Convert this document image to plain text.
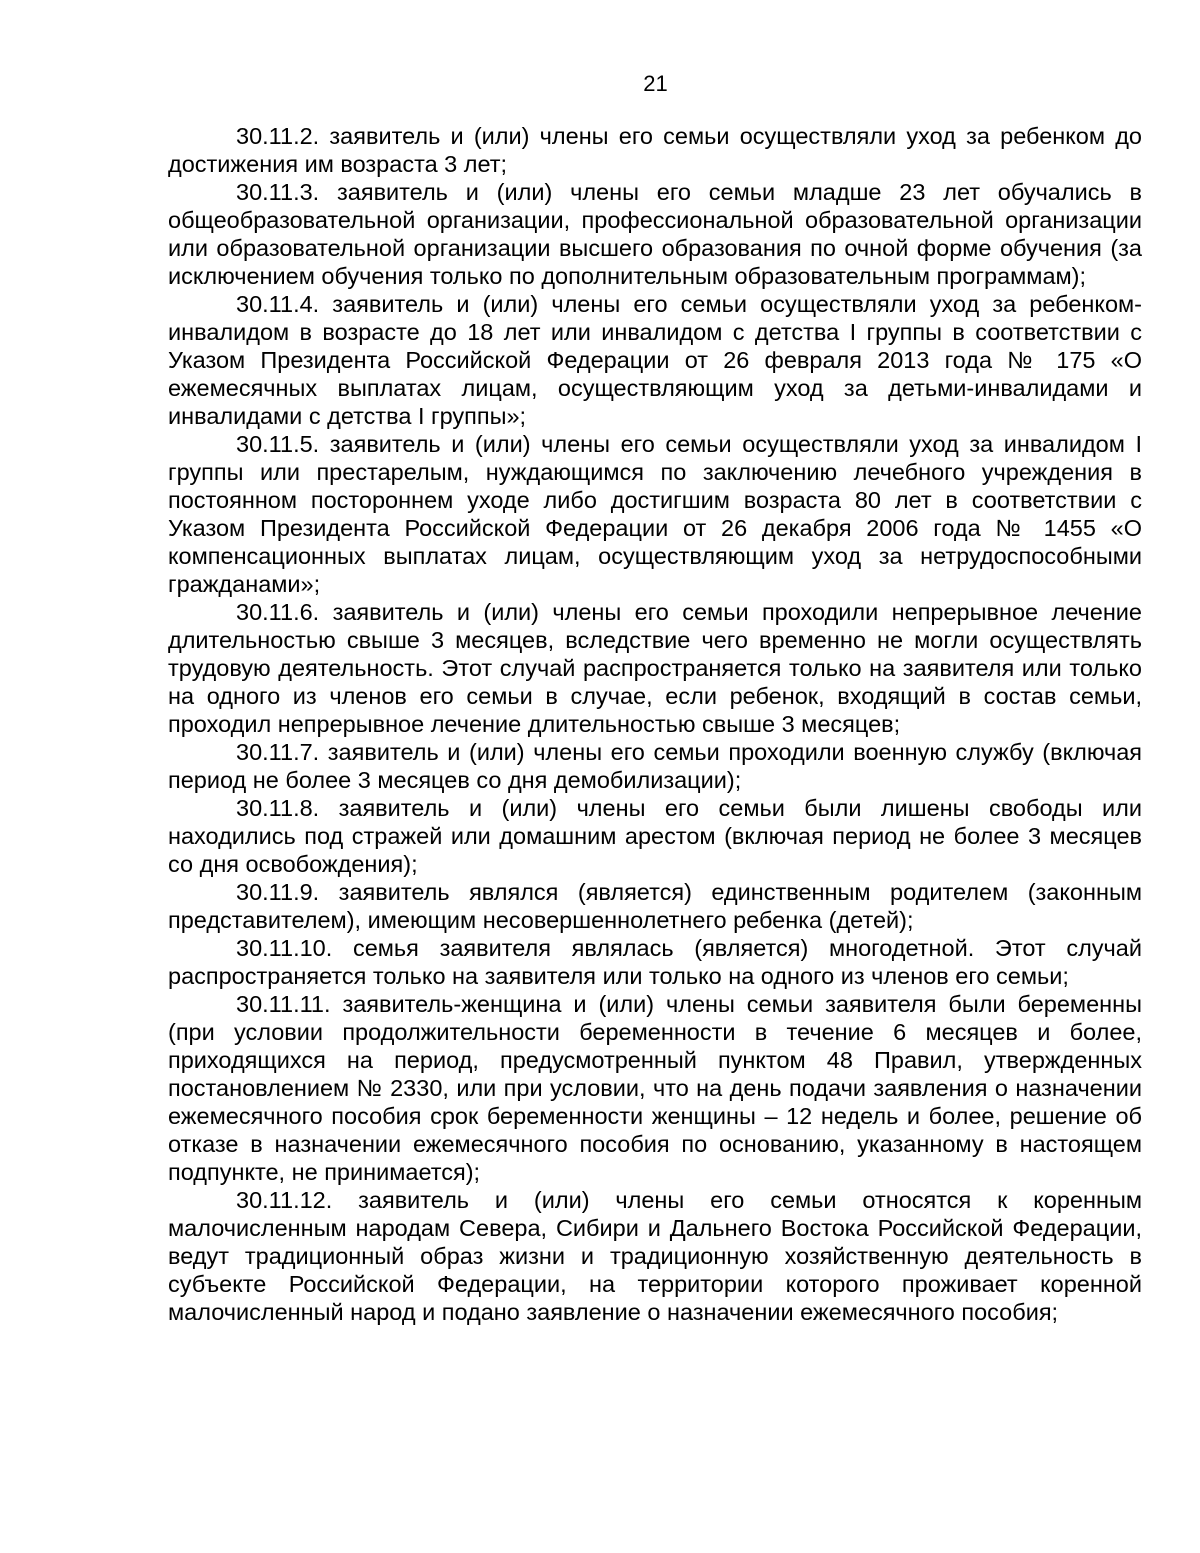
21

30.11.2. заявитель и (или) члены его семьи осуществляли уход за ребенком до достижения им возраста 3 лет;

30.11.3. заявитель и (или) члены его семьи младше 23 лет обучались в общеобразовательной организации, профессиональной образовательной организации или образовательной организации высшего образования по очной форме обучения (за исключением обучения только по дополнительным образовательным программам);

30.11.4. заявитель и (или) члены его семьи осуществляли уход за ребенком-инвалидом в возрасте до 18 лет или инвалидом с детства I группы в соответствии с Указом Президента Российской Федерации от 26 февраля 2013 года № 175 «О ежемесячных выплатах лицам, осуществляющим уход за детьми-инвалидами и инвалидами с детства I группы»;

30.11.5. заявитель и (или) члены его семьи осуществляли уход за инвалидом I группы или престарелым, нуждающимся по заключению лечебного учреждения в постоянном постороннем уходе либо достигшим возраста 80 лет в соответствии с Указом Президента Российской Федерации от 26 декабря 2006 года № 1455 «О компенсационных выплатах лицам, осуществляющим уход за нетрудоспособными гражданами»;

30.11.6. заявитель и (или) члены его семьи проходили непрерывное лечение длительностью свыше 3 месяцев, вследствие чего временно не могли осуществлять трудовую деятельность. Этот случай распространяется только на заявителя или только на одного из членов его семьи в случае, если ребенок, входящий в состав семьи, проходил непрерывное лечение длительностью свыше 3 месяцев;

30.11.7. заявитель и (или) члены его семьи проходили военную службу (включая период не более 3 месяцев со дня демобилизации);

30.11.8. заявитель и (или) члены его семьи были лишены свободы или находились под стражей или домашним арестом (включая период не более 3 месяцев со дня освобождения);

30.11.9. заявитель являлся (является) единственным родителем (законным представителем), имеющим несовершеннолетнего ребенка (детей);

30.11.10. семья заявителя являлась (является) многодетной. Этот случай распространяется только на заявителя или только на одного из членов его семьи;

30.11.11. заявитель-женщина и (или) члены семьи заявителя были беременны (при условии продолжительности беременности в течение 6 месяцев и более, приходящихся на период, предусмотренный пунктом 48 Правил, утвержденных постановлением № 2330, или при условии, что на день подачи заявления о назначении ежемесячного пособия срок беременности женщины – 12 недель и более, решение об отказе в назначении ежемесячного пособия по основанию, указанному в настоящем подпункте, не принимается);

30.11.12. заявитель и (или) члены его семьи относятся к коренным малочисленным народам Севера, Сибири и Дальнего Востока Российской Федерации, ведут традиционный образ жизни и традиционную хозяйственную деятельность в субъекте Российской Федерации, на территории которого проживает коренной малочисленный народ и подано заявление о назначении ежемесячного пособия;
